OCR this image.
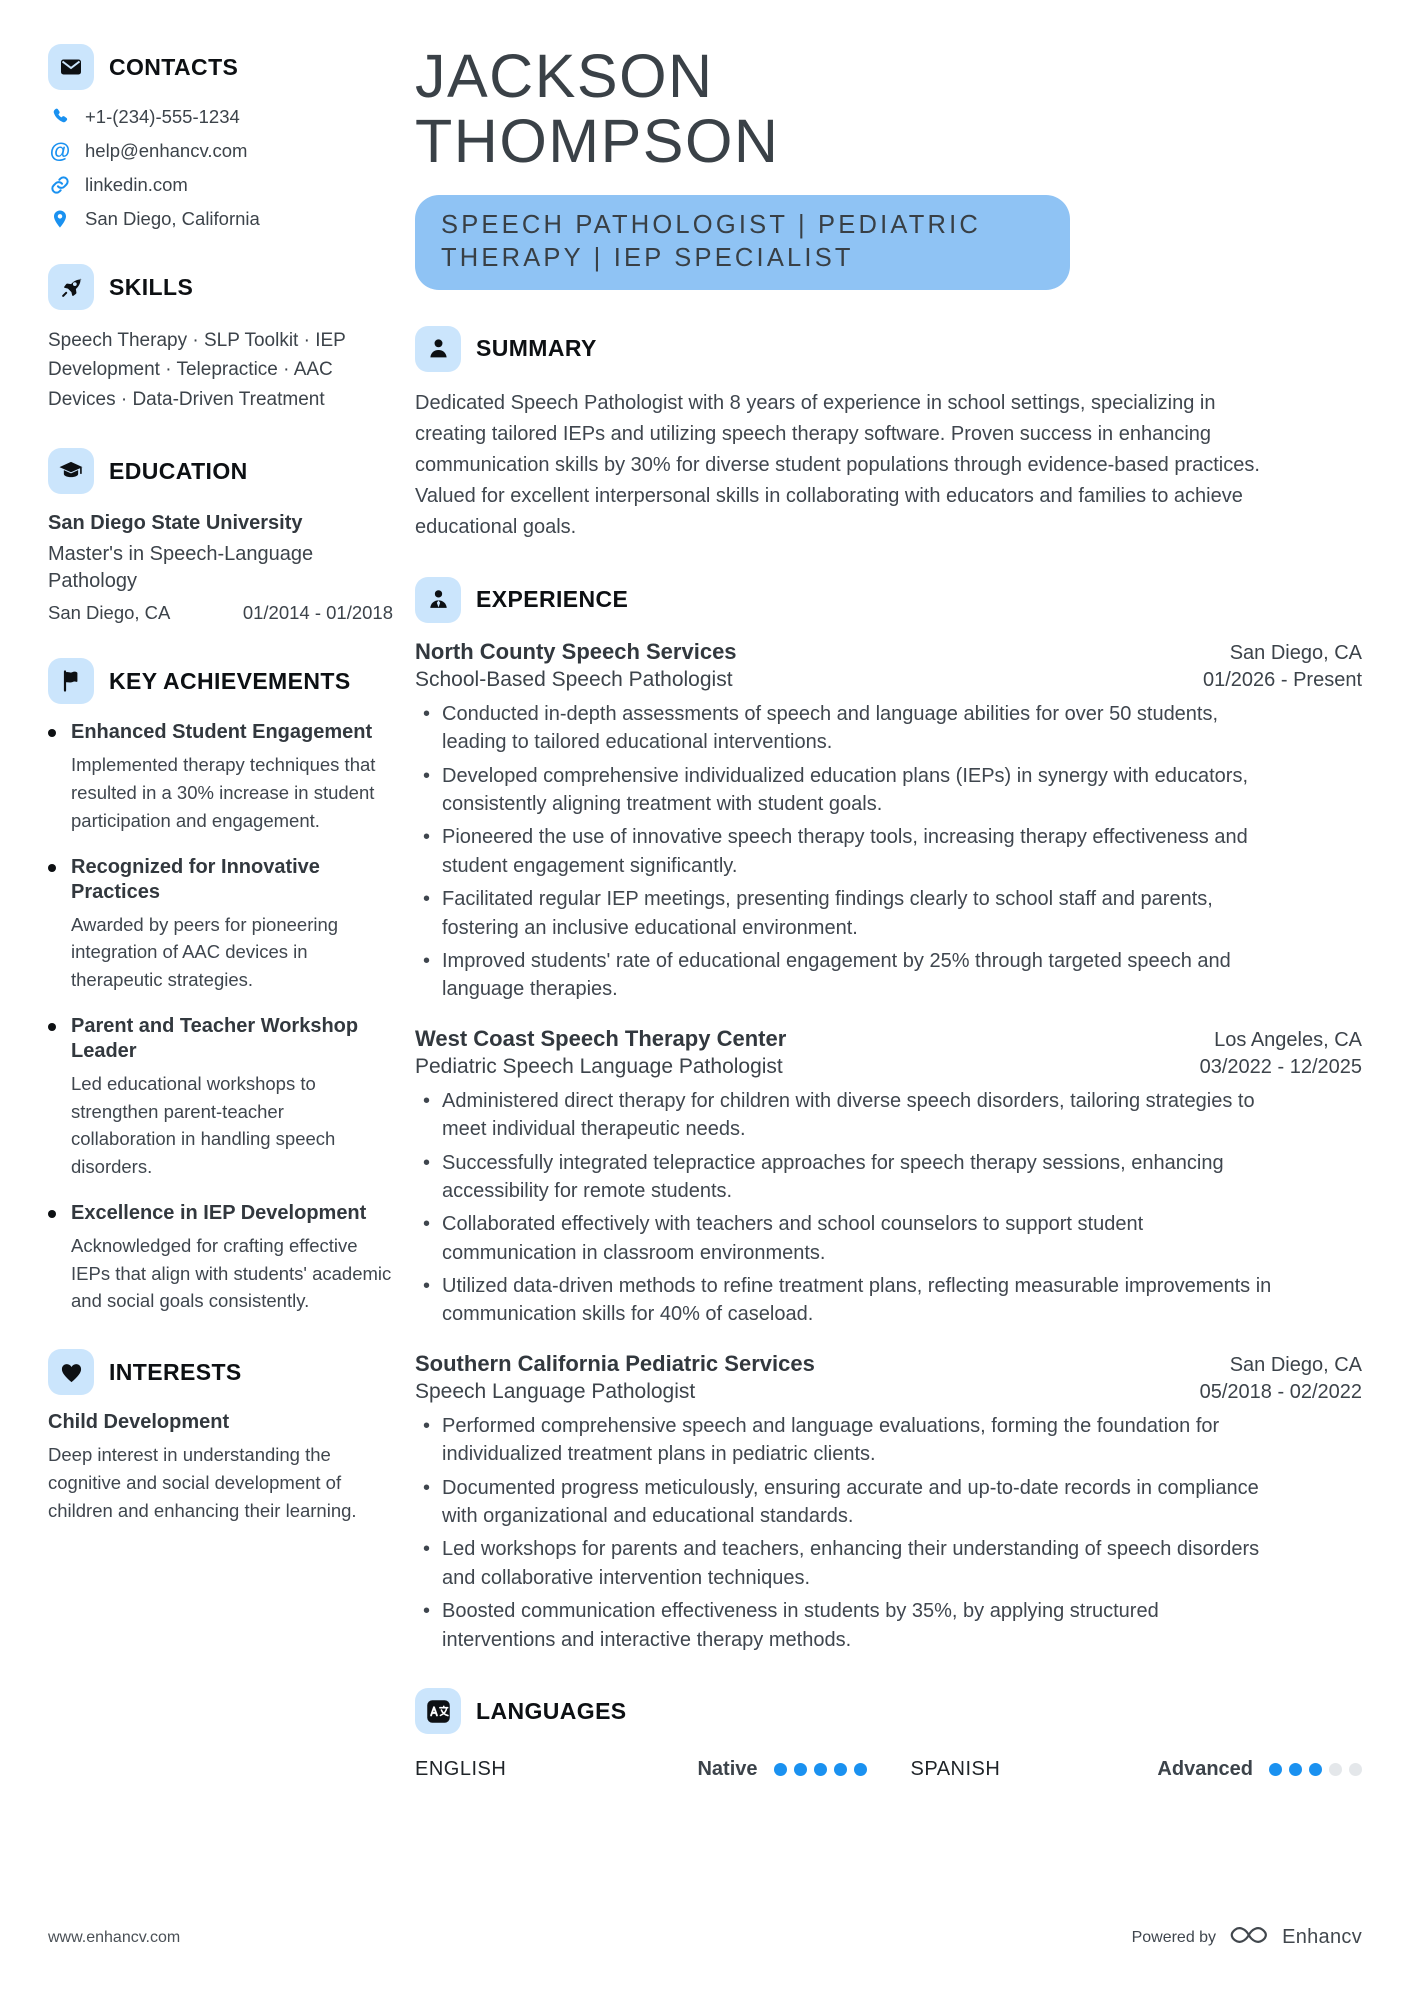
CONTACTS
+1-(234)-555-1234
@ help@enhancv.com
linkedin.com
San Diego, California
SKILLS

Speech Therapy · SLP Toolkit · IEP Development · Telepractice · AAC Devices · Data-Driven Treatment

EDUCATION

San Diego State University

Master's in Speech-Language Pathology

San Diego, CA	01/2014 - 01/2018
KEY ACHIEVEMENTS

Enhanced Student Engagement

Implemented therapy techniques that resulted in a 30% increase in student participation and engagement.

Recognized for Innovative Practices

Awarded by peers for pioneering integration of AAC devices in therapeutic strategies.

Parent and Teacher Workshop Leader

Led educational workshops to strengthen parent-teacher collaboration in handling speech disorders.

Excellence in IEP Development

Acknowledged for crafting effective IEPs that align with students' academic and social goals consistently.

INTERESTS

Child Development

Deep interest in understanding the cognitive and social development of children and enhancing their learning.

JACKSON THOMPSON
SPEECH PATHOLOGIST | PEDIATRIC THERAPY | IEP SPECIALIST
SUMMARY

Dedicated Speech Pathologist with 8 years of experience in school settings, specializing in creating tailored IEPs and utilizing speech therapy software. Proven success in enhancing communication skills by 30% for diverse student populations through evidence-based practices. Valued for excellent interpersonal skills in collaborating with educators and families to achieve educational goals.

EXPERIENCE

North County Speech Services	San Diego, CA
School-Based Speech Pathologist	01/2026 - Present
• Conducted in-depth assessments of speech and language abilities for over 50 students, leading to tailored educational interventions.
• Developed comprehensive individualized education plans (IEPs) in synergy with educators, consistently aligning treatment with student goals.
• Pioneered the use of innovative speech therapy tools, increasing therapy effectiveness and student engagement significantly.
• Facilitated regular IEP meetings, presenting findings clearly to school staff and parents, fostering an inclusive educational environment.
• Improved students' rate of educational engagement by 25% through targeted speech and language therapies.

West Coast Speech Therapy Center	Los Angeles, CA
Pediatric Speech Language Pathologist	03/2022 - 12/2025
• Administered direct therapy for children with diverse speech disorders, tailoring strategies to meet individual therapeutic needs.
• Successfully integrated telepractice approaches for speech therapy sessions, enhancing accessibility for remote students.
• Collaborated effectively with teachers and school counselors to support student communication in classroom environments.
• Utilized data-driven methods to refine treatment plans, reflecting measurable improvements in communication skills for 40% of caseload.

Southern California Pediatric Services	San Diego, CA
Speech Language Pathologist	05/2018 - 02/2022
• Performed comprehensive speech and language evaluations, forming the foundation for individualized treatment plans in pediatric clients.
• Documented progress meticulously, ensuring accurate and up-to-date records in compliance with organizational and educational standards.
• Led workshops for parents and teachers, enhancing their understanding of speech disorders and collaborative intervention techniques.
• Boosted communication effectiveness in students by 35%, by applying structured interventions and interactive therapy methods.
LANGUAGES
ENGLISH	Native	SPANISH	Advanced
www.enhancv.com	Powered by	Enhancv
